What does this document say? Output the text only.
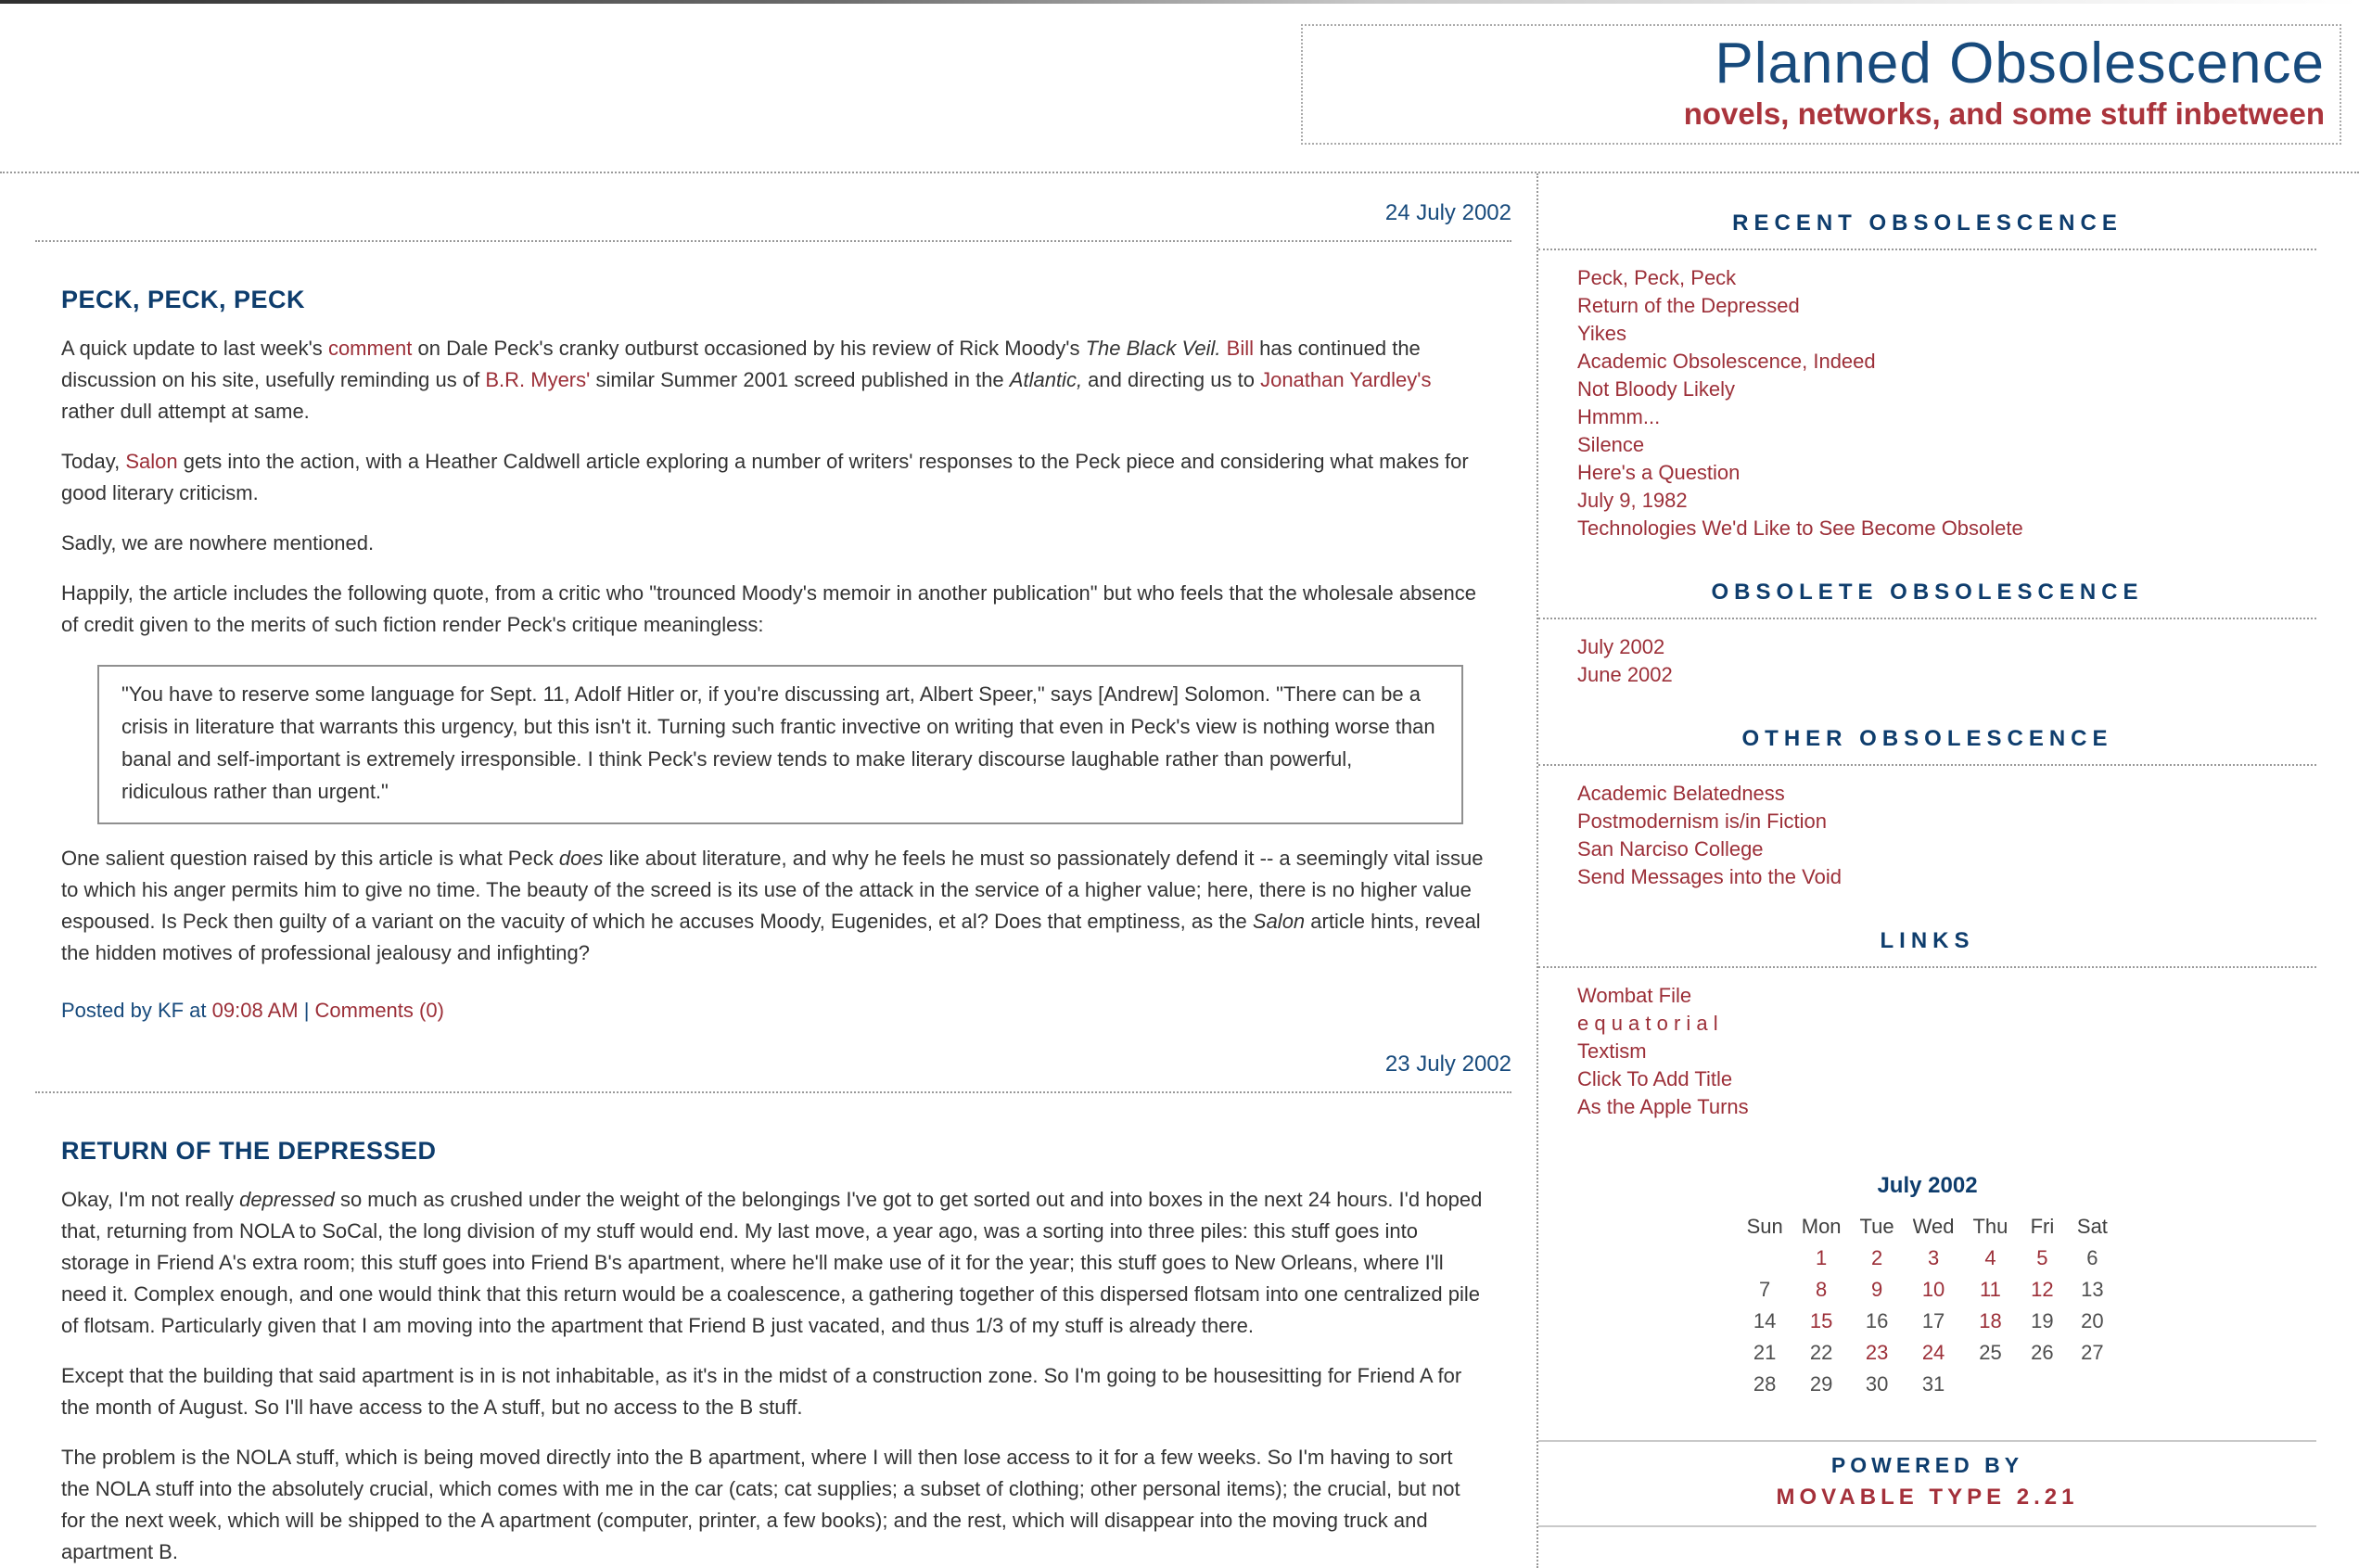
Planned Obsolescence
novels, networks, and some stuff inbetween
24 July 2002
PECK, PECK, PECK

A quick update to last week's comment on Dale Peck's cranky outburst occasioned by his review of Rick Moody's The Black Veil. Bill has continued the discussion on his site, usefully reminding us of B.R. Myers' similar Summer 2001 screed published in the Atlantic, and directing us to Jonathan Yardley's rather dull attempt at same.

Today, Salon gets into the action, with a Heather Caldwell article exploring a number of writers' responses to the Peck piece and considering what makes for good literary criticism.

Sadly, we are nowhere mentioned.

Happily, the article includes the following quote, from a critic who "trounced Moody's memoir in another publication" but who feels that the wholesale absence of credit given to the merits of such fiction render Peck's critique meaningless:

"You have to reserve some language for Sept. 11, Adolf Hitler or, if you're discussing art, Albert Speer," says [Andrew] Solomon. "There can be a crisis in literature that warrants this urgency, but this isn't it. Turning such frantic invective on writing that even in Peck's view is nothing worse than banal and self-important is extremely irresponsible. I think Peck's review tends to make literary discourse laughable rather than powerful, ridiculous rather than urgent."

One salient question raised by this article is what Peck does like about literature, and why he feels he must so passionately defend it -- a seemingly vital issue to which his anger permits him to give no time. The beauty of the screed is its use of the attack in the service of a higher value; here, there is no higher value espoused. Is Peck then guilty of a variant on the vacuity of which he accuses Moody, Eugenides, et al? Does that emptiness, as the Salon article hints, reveal the hidden motives of professional jealousy and infighting?

Posted by KF at 09:08 AM | Comments (0)

23 July 2002
RETURN OF THE DEPRESSED

Okay, I'm not really depressed so much as crushed under the weight of the belongings I've got to get sorted out and into boxes in the next 24 hours. I'd hoped that, returning from NOLA to SoCal, the long division of my stuff would end. My last move, a year ago, was a sorting into three piles: this stuff goes into storage in Friend A's extra room; this stuff goes into Friend B's apartment, where he'll make use of it for the year; this stuff goes to New Orleans, where I'll need it. Complex enough, and one would think that this return would be a coalescence, a gathering together of this dispersed flotsam into one centralized pile of flotsam. Particularly given that I am moving into the apartment that Friend B just vacated, and thus 1/3 of my stuff is already there.

Except that the building that said apartment is in is not inhabitable, as it's in the midst of a construction zone. So I'm going to be housesitting for Friend A for the month of August. So I'll have access to the A stuff, but no access to the B stuff.

The problem is the NOLA stuff, which is being moved directly into the B apartment, where I will then lose access to it for a few weeks. So I'm having to sort the NOLA stuff into the absolutely crucial, which comes with me in the car (cats; cat supplies; a subset of clothing; other personal items); the crucial, but not for the next week, which will be shipped to the A apartment (computer, printer, a few books); and the rest, which will disappear into the moving truck and apartment B.

RECENT OBSOLESCENCE
Peck, Peck, Peck
Return of the Depressed
Yikes
Academic Obsolescence, Indeed
Not Bloody Likely
Hmmm...
Silence
Here's a Question
July 9, 1982
Technologies We'd Like to See Become Obsolete
OBSOLETE OBSOLESCENCE
July 2002
June 2002
OTHER OBSOLESCENCE
Academic Belatedness
Postmodernism is/in Fiction
San Narciso College
Send Messages into the Void
LINKS
Wombat File
e q u a t o r i a l
Textism
Click To Add Title
As the Apple Turns
July 2002
Sun	Mon	Tue	Wed	Thu	Fri	Sat
	1	2	3	4	5	6
7	8	9	10	11	12	13
14	15	16	17	18	19	20
21	22	23	24	25	26	27
28	29	30	31			
POWERED BY
MOVABLE TYPE 2.21
